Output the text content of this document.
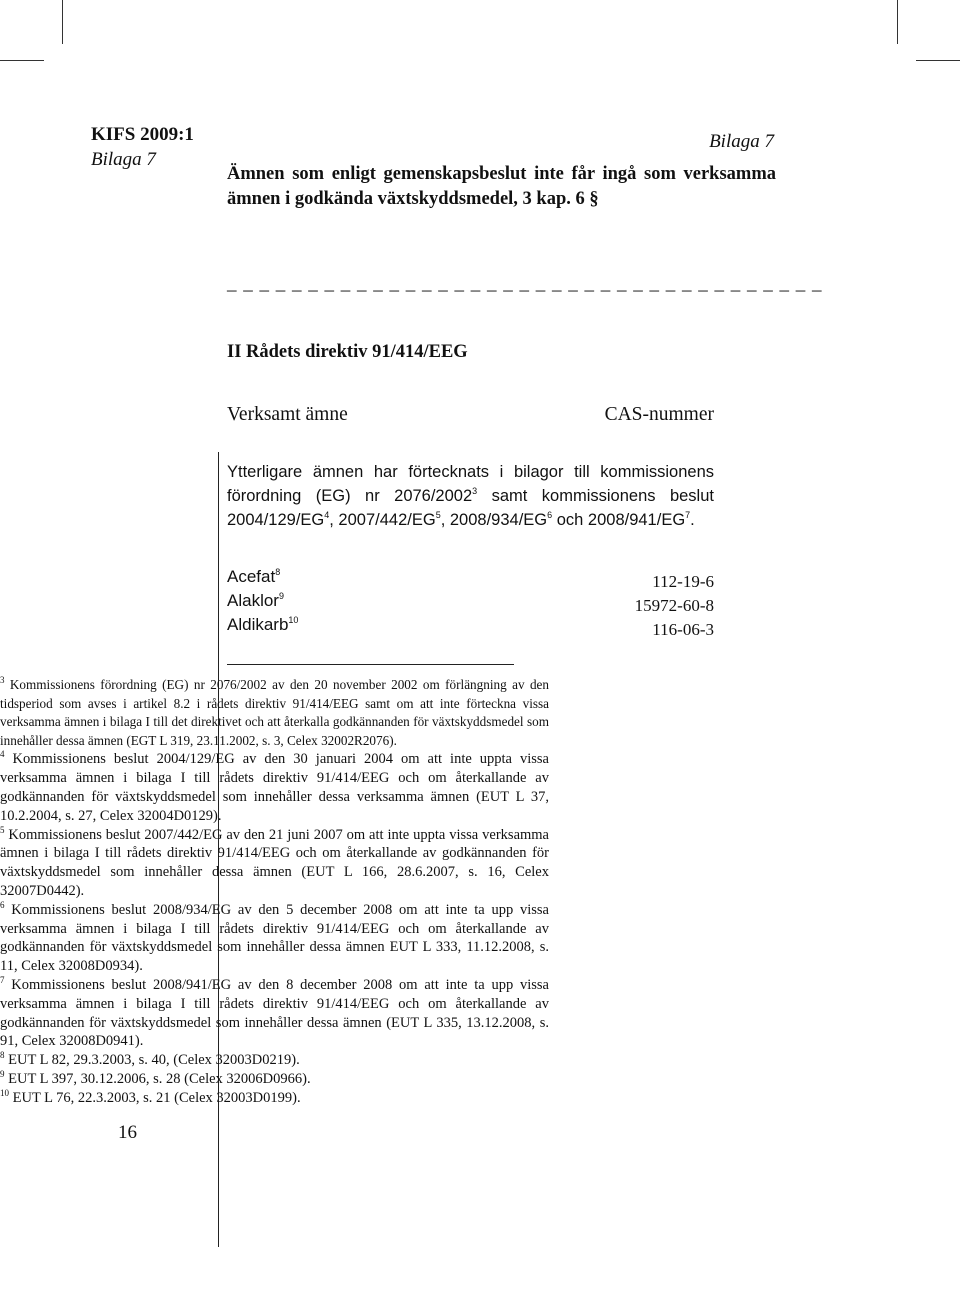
KIFS 2009:1
Bilaga 7
16
Bilaga 7
Ämnen som enligt gemenskapsbeslut inte får ingå som verksamma ämnen i godkända växtskyddsmedel, 3 kap. 6 §
_ _ _ _ _ _ _ _ _ _ _ _ _ _ _ _ _ _ _ _ _ _ _ _ _ _ _ _ _ _ _ _ _ _ _ _ _
II Rådets direktiv 91/414/EEG
Verksamt ämne	CAS-nummer
Ytterligare ämnen har förtecknats i bilagor till kommissionens förordning (EG) nr 2076/2002$^3$ samt kommissionens beslut $2004/129/EG^4$, $2007/442/EG^5$, $2008/934/EG^6$ och $2008/941/EG^7$.
Acefat$^8$	112-19-6
Alaklor$^9$	15972-60-8
Aldikarb$^{10}$	116-06-3

$^3$ Kommissionens förordning (EG) nr 2076/2002 av den 20 november 2002 om förlängning av den tidsperiod som avses i artikel 8.2 i rådets direktiv 91/414/EEG samt om att inte förteckna vissa verksamma ämnen i bilaga I till det direktivet och att återkalla godkännanden för växtskyddsmedel som innehåller dessa ämnen (EGT L 319, 23.11.2002, s. 3, Celex 32002R2076).

$^4$ Kommissionens beslut 2004/129/EG av den 30 januari 2004 om att inte uppta vissa verksamma ämnen i bilaga I till rådets direktiv 91/414/EEG och om återkallande av godkännanden för växtskyddsmedel som innehåller dessa verksamma ämnen (EUT L 37, 10.2.2004, s. 27, Celex 32004D0129).

$^5$ Kommissionens beslut 2007/442/EG av den 21 juni 2007 om att inte uppta vissa verksamma ämnen i bilaga I till rådets direktiv 91/414/EEG och om återkallande av godkännanden för växtskyddsmedel som innehåller dessa ämnen (EUT L 166, 28.6.2007, s. 16, Celex 32007D0442).

$^6$ Kommissionens beslut 2008/934/EG av den 5 december 2008 om att inte ta upp vissa verksamma ämnen i bilaga I till rådets direktiv 91/414/EEG och om återkallande av godkännanden för växtskyddsmedel som innehåller dessa ämnen EUT L 333, 11.12.2008, s. 11, Celex 32008D0934).

$^7$ Kommissionens beslut 2008/941/EG av den 8 december 2008 om att inte ta upp vissa verksamma ämnen i bilaga I till rådets direktiv 91/414/EEG och om återkallande av godkännanden för växtskyddsmedel som innehåller dessa ämnen (EUT L 335, 13.12.2008, s. 91, Celex 32008D0941).

$^8$ EUT L 82, 29.3.2003, s. 40, (Celex 32003D0219).

$^9$ EUT L 397, 30.12.2006, s. 28 (Celex 32006D0966).

$^{10}$ EUT L 76, 22.3.2003, s. 21 (Celex 32003D0199).
